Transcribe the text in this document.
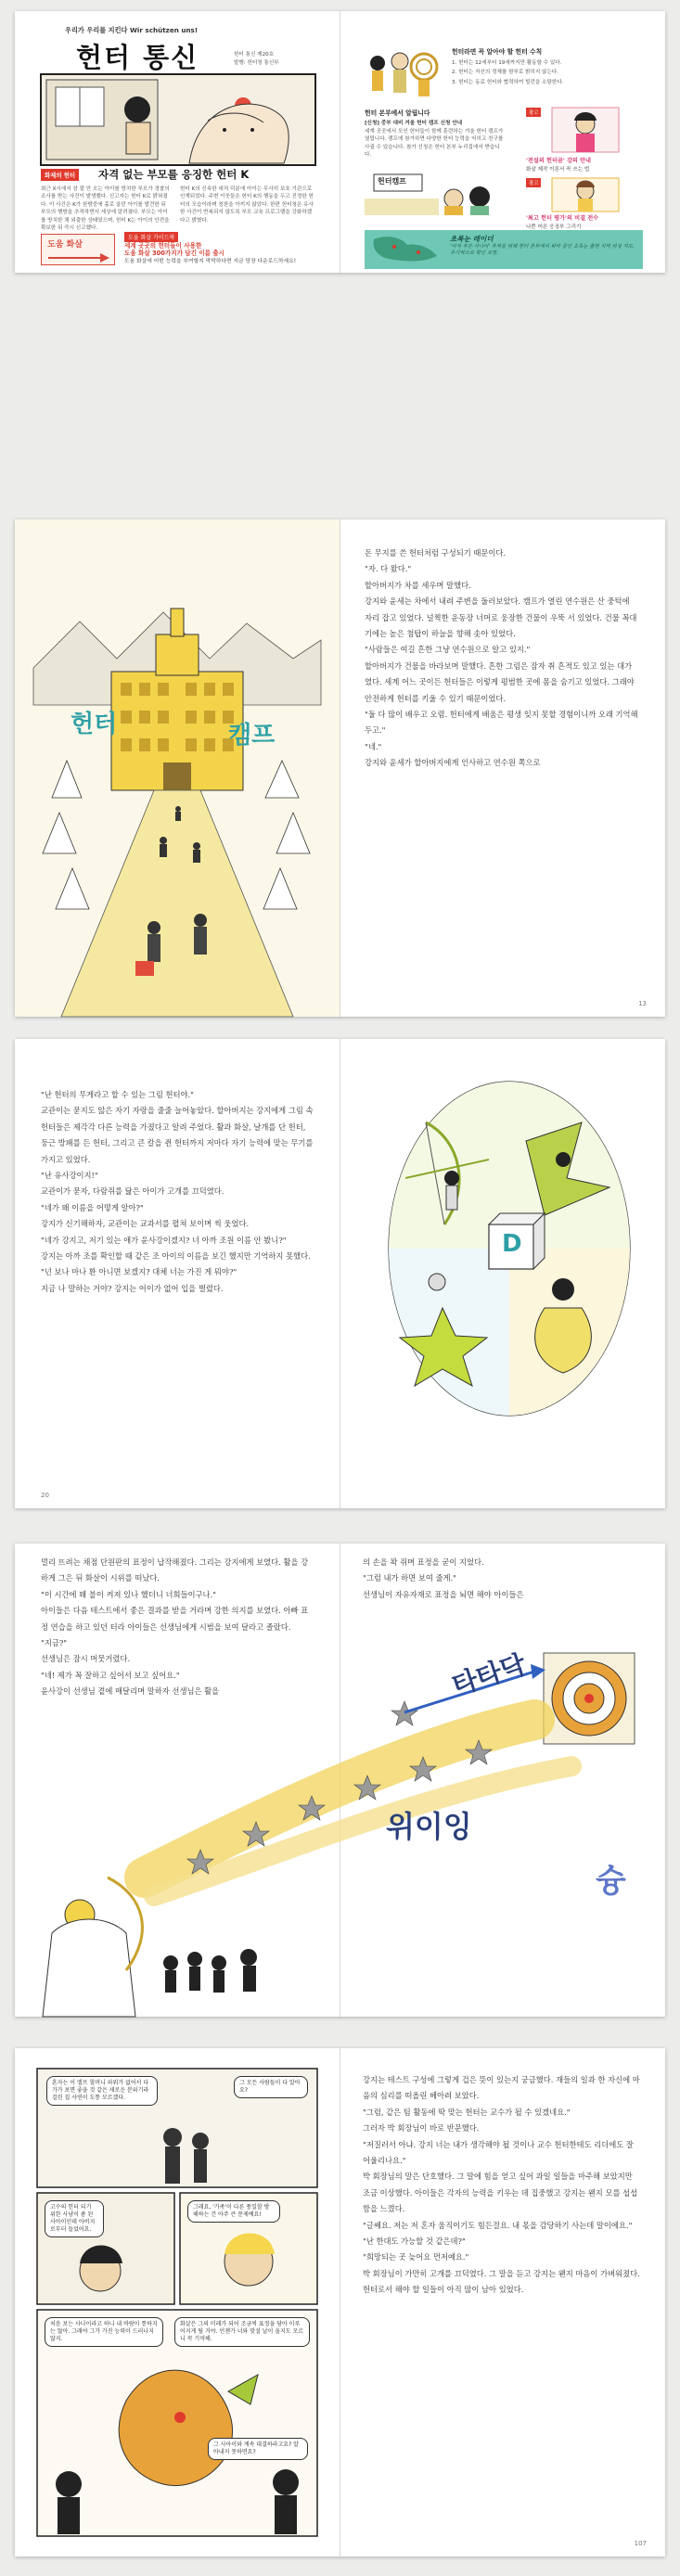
우리가 우리를 지킨다 Wir schützen uns!
헌터 통신	헌터 통신 제20호
발행: 헌터청 통신부
화제의 헌터	자격 없는 부모를 응징한 헌터 K
최근 X시에서 잠 잘 안 오는 아이를 방치한 부모가 경찰의 조사를 받는 사건이 발생했다. 신고자는 헌터 K로 밝혀졌다. 이 사건은 K가 한밤중에 홀로 울던 아이를 발견한 뒤 부모의 행방을 추적하면서 세상에 알려졌다. 부모는 아이를 방치한 채 외출한 상태였으며, 헌터 K는 아이의 안전을 확보한 뒤 즉시 신고했다.
헌터 K의 신속한 대처 덕분에 아이는 무사히 보호 기관으로 인계되었다. 주변 이웃들은 헌터 K의 행동을 두고 진정한 헌터의 모습이라며 칭찬을 아끼지 않았다. 한편 헌터청은 유사한 사건이 반복되지 않도록 부모 교육 프로그램을 강화하겠다고 밝혔다.
도움 화살
도움 화살 가이드북
세계 곳곳의 헌터들이 사용한
도움 화살 300가지가 담긴 이름 출시
도움 화살에 어떤 능력을 부여할지 막막하다면 지금 당장 다운로드하세요!
헌터라면 꼭 알아야 할 헌터 수칙
1. 헌터는 12세부터 19세까지만 활동할 수 있다.
2. 헌터는 자신의 정체를 함부로 밝히지 않는다.
3. 헌터는 동료 헌터와 협력하여 빌런을 소탕한다.
헌터 본부에서 알립니다
[신청] 중부 대비 겨울 헌터 캠프 신청 안내
세계 곳곳에서 모인 헌터들이 함께 훈련하는 겨울 헌터 캠프가 열립니다. 캠프에 참가하면 다양한 헌터 능력을 익히고 친구를 사귈 수 있습니다. 참가 신청은 헌터 본부 누리집에서 받습니다.
헌터캠프
광고
'전설의 헌터곰' 강의 안내
화살 제작 이론서 꼭 쓰는 법
광고
'최고 헌터 평가'의 비결 전수
나쁜 어른 응징부 그리기
초록눈 레이더
'아직 푸른 사나이' 추적을 위해 헌터 본부에서 파악 중인 초록눈 출현 지역 위성 지도. 주기적으로 확인 요망.
헌터	캠프
돈 무지를 쓴 헌터처럼 구성되기 때문이다.
"자. 다 왔다."
할아버지가 차를 세우며 말했다.
강지와 윤세는 차에서 내려 주변을 둘러보았다. 캠프가 열린 연수원은 산 중턱에 자리 잡고 있었다. 널찍한 운동장 너머로 웅장한 건물이 우뚝 서 있었다. 건물 꼭대기에는 높은 첨탑이 하늘을 향해 솟아 있었다.
"사람들은 여길 흔한 그냥 연수원으로 알고 있지."
할아버지가 건물을 바라보며 말했다. 흔한 그림은 잠자 취 흔적도 있고 있는 대가였다. 세계 어느 곳이든 헌터들은 이렇게 평범한 곳에 몸을 숨기고 있었다. 그래야 안전하게 헌터를 키울 수 있기 때문이었다.
"둘 다 많이 배우고 오렴. 헌터에게 배움은 평생 잊지 못할 경험이니까 오래 기억해 두고."
"네."
강지와 윤세가 할아버지에게 인사하고 연수원 쪽으로
13
"난 헌터의 무게라고 할 수 있는 그림 헌터야."
교관이는 묻지도 않은 자기 자랑을 줄줄 늘어놓았다. 할아버지는 강지에게 그림 속 헌터들은 제각각 다른 능력을 가졌다고 알려 주었다. 활과 화살, 날개를 단 헌터, 둥근 방패를 든 헌터, 그리고 큰 칼을 쥔 헌터까지 저마다 자기 능력에 맞는 무기를 가지고 있었다.
"난 유사강이지!"
교관이가 묻자, 다람쥐를 닮은 아이가 고개를 끄덕였다.
"네가 왜 이름을 어떻게 알아?"
강지가 신기해하자, 교관이는 교과서를 펼쳐 보이며 씩 웃었다.
"네가 강지고, 저기 있는 애가 윤사강이겠지? 너 아까 조원 이름 안 봤니?"
강지는 아까 조를 확인할 때 같은 조 아이의 이름을 보긴 했지만 기억하지 못했다.
"넌 보나 마나 환 아니면 보겠지? 대체 너는 가진 게 뭐야?"
지금 나 말하는 거야? 강지는 어이가 없어 입을 벌렸다.
20
D
멀리 뜨려는 채점 단원판의 표정이 납작해졌다. 그리는 강지에게 보였다. 활을 강하게 그은 뒤 화살이 시위를 떠났다.
"이 시간에 왜 불이 켜져 있나 했더니 너희들이구나."
아이들은 다음 테스트에서 좋은 결과를 받을 거라며 강한 의지를 보였다. 아빠 표정 연습을 하고 있던 터라 아이들은 선생님에게 시범을 보여 달라고 졸랐다.
"지금?"
선생님은 잠시 머뭇거렸다.
"네! 제가 꼭 잘하고 싶어서 보고 싶어요."
윤사강이 선생님 곁에 매달리며 말하자 선생님은 활을
의 손을 꽉 쥐며 표정을 굳이 지었다.
"그럼 내가 하면 보여 줄게."
선생님이 자유자재로 표정을 뇌면 해야 아이들은
타타닥
위이잉
슝
혼자는 이 엘프 할머니 파워가 없어서 다가가 보면 좋을 것 같은 새로운 분위기라 걸린 집 사연이 도통 모르겠다.
그 모든 사람들이 다 알아요?
그래요, '가족'이 다른 풍일할 방해하는 건 아주 큰 문제예요!
고수의 헌터 되기 위한 사냥이 좀 된 사아이인데 아버지로부터 들었어요.
처음 보는 사나이라고 하니 내 바람이 통하지는 않아. 그래야 그가 가진 능력이 드러나지 않지.
화살은 그의 미래가 되어 조금씩 표정을 담아 이루어지게 될 거야. 언젠가 너와 맞설 날이 올지도 모르니 꼭 기억해.
그 사아이와 계속 대결하라고요? 알아내지 못하면요?
강지는 테스트 구성에 그렇게 겁은 뜻이 있는지 궁금했다. 재들의 일과 한 자신에 마음의 심리를 떠올린 헤아려 보았다.
"그럼, 같은 팀 활동에 딱 맞는 헌터는 교수가 될 수 있겠네요."
그러자 박 회장님이 바로 반문했다.
"저질러서 아냐. 강지 너는 내가 생각해야 될 것이나 교수 헌터한테도 리더에도 잘 어울리나요."
박 회장님의 말은 단호했다. 그 말에 힘을 얻고 싶어 과일 일들을 마주해 보았지만 조금 이상했다. 아이들은 각자의 능력을 키우는 데 집중했고 강지는 왠지 모를 섭섭함을 느꼈다.
"글쎄요. 저는 저 혼자 움직이기도 힘든걸요. 내 몫을 감당하기 사는데 말이에요."
"난 한대도 가능할 것 같은데?"
"희망되는 곳 늦어요 먼저예요."
박 회장님이 가만히 고개를 끄덕였다. 그 말을 듣고 강지는 왠지 마음이 가벼워졌다. 헌터로서 해야 할 일들이 아직 많이 남아 있었다.
107
